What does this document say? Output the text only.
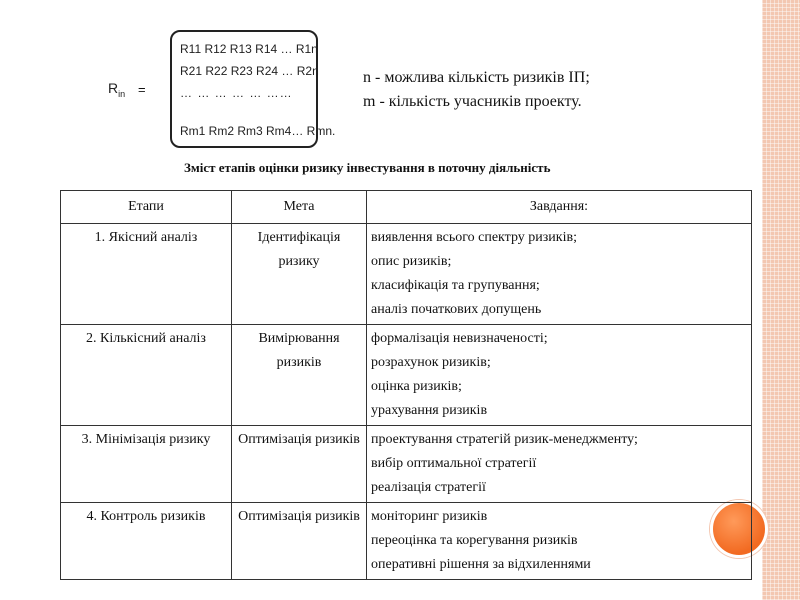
$R_{in}$ =
R11 R12 R13 R14 … R1n
R21 R22 R23 R24 … R2n
… … … … … ……
Rm1 Rm2 Rm3 Rm4… Rmn.
n - можлива кількість ризиків ІП;
m - кількість учасників проекту.
Зміст етапів оцінки ризику інвестування в поточну діяльність
Етапи	Мета	Завдання:
1. Якісний аналіз	Ідентифікація ризику	виявлення всього спектру ризиків;
опис ризиків;
класифікація та групування;
аналіз початкових допущень

2. Кількісний аналіз	Вимірювання ризиків	формалізація невизначеності;
розрахунок ризиків;
оцінка ризиків;
урахування ризиків

3. Мінімізація ризику	Оптимізація ризиків	проектування стратегій ризик-менеджменту;
вибір оптимальної стратегії
реалізація стратегії

4. Контроль ризиків	Оптимізація ризиків	моніторинг ризиків
переоцінка та корегування ризиків
оперативні рішення за відхиленнями
